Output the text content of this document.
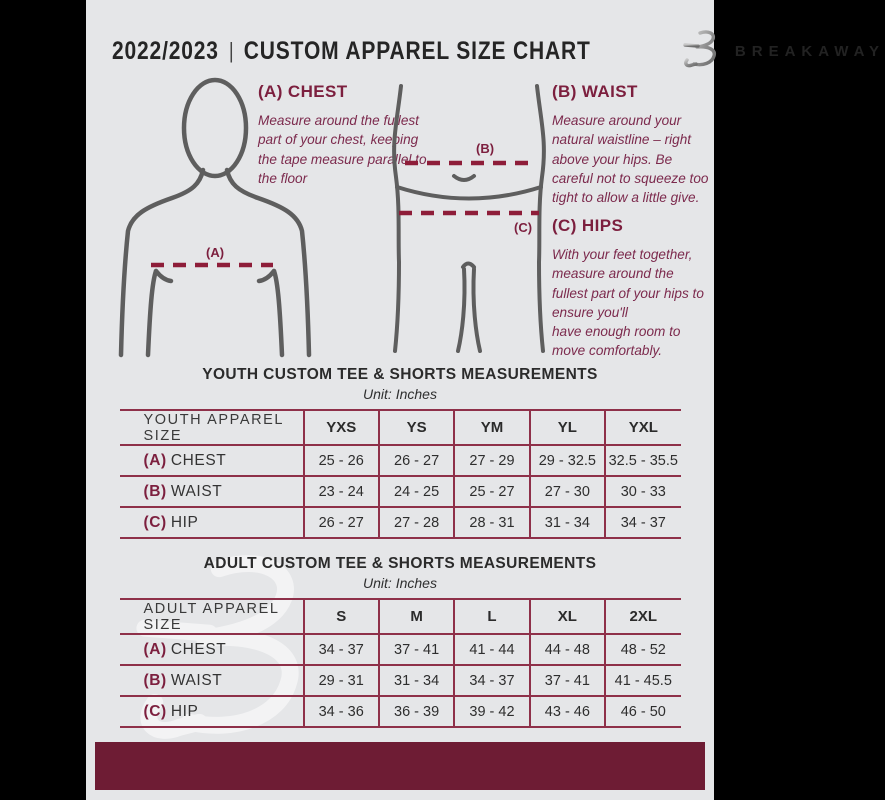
2022/2023 | CUSTOM APPAREL SIZE CHART	BREAKAWAY
(A)
(A) CHEST

Measure around the fullest part of your chest, keeping the tape measure parallel to the floor

(B)
(C)
(B) WAIST

Measure around your natural waistline – right above your hips. Be careful not to squeeze too tight to allow a little give.

(C) HIPS

With your feet together, measure around the fullest part of your hips to ensure you'll

have enough room to move comfortably.

YOUTH CUSTOM TEE & SHORTS MEASUREMENTS
Unit: Inches
YOUTH APPAREL SIZE	YXS	YS	YM	YL	YXL
(A) CHEST	25 - 26	26 - 27	27 - 29	29 - 32.5	32.5 - 35.5
(B) WAIST	23 - 24	24 - 25	25 - 27	27 - 30	30 - 33
(C) HIP	26 - 27	27 - 28	28 - 31	31 - 34	34 - 37
ADULT CUSTOM TEE & SHORTS MEASUREMENTS
Unit: Inches
ADULT APPAREL SIZE	S	M	L	XL	2XL
(A) CHEST	34 - 37	37 - 41	41 - 44	44 - 48	48 - 52
(B) WAIST	29 - 31	31 - 34	34 - 37	37 - 41	41 - 45.5
(C) HIP	34 - 36	36 - 39	39 - 42	43 - 46	46 - 50
